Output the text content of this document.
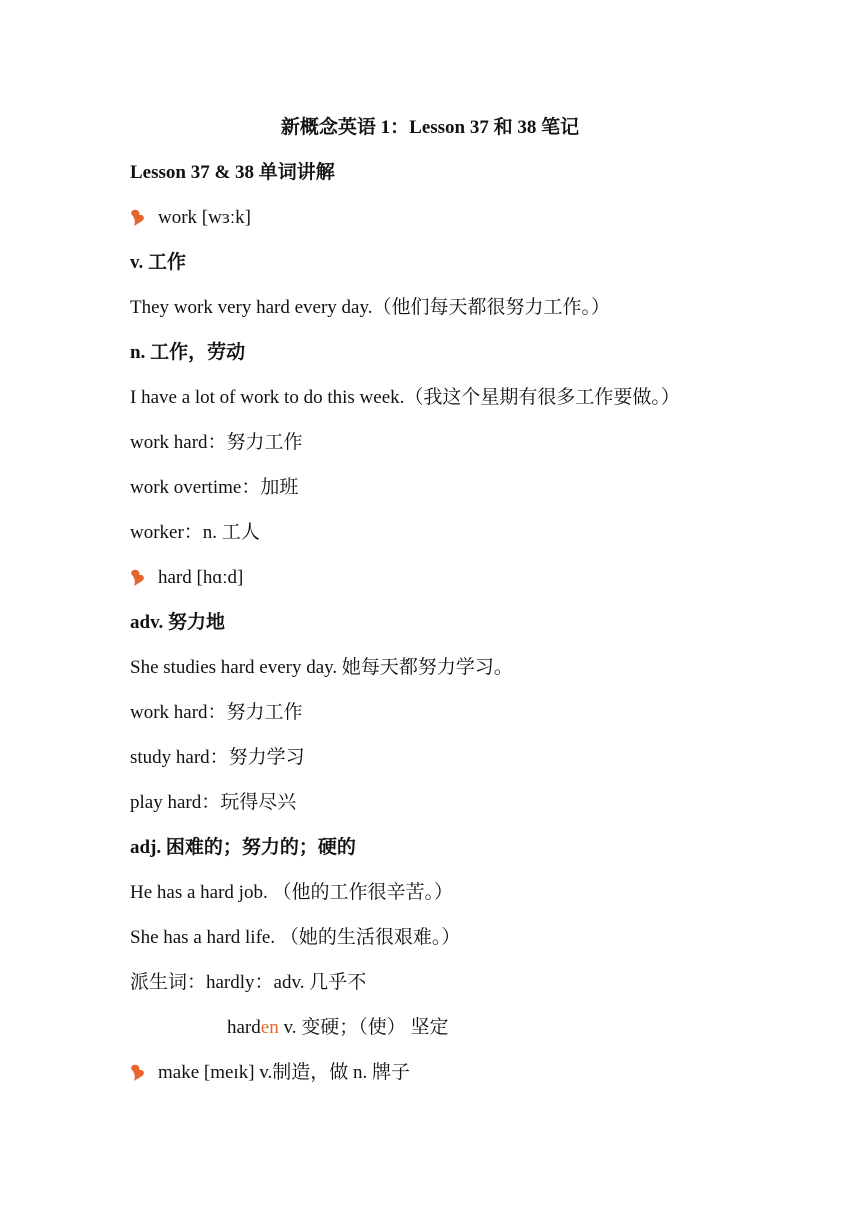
新概念英语 1：Lesson 37 和 38 笔记
Lesson 37 & 38 单词讲解
work [wɜːk]
v. 工作
They work very hard every day.（他们每天都很努力工作。）
n. 工作，劳动
I have a lot of work to do this week.（我这个星期有很多工作要做。）
work hard：努力工作
work overtime：加班
worker：n. 工人
hard [hɑːd]
adv. 努力地
She studies hard every day. 她每天都努力学习。
work hard：努力工作
study hard：努力学习
play hard：玩得尽兴
adj. 困难的；努力的；硬的
He has a hard job. （他的工作很辛苦。）
She has a hard life. （她的生活很艰难。）
派生词：hardly：adv. 几乎不
harden v. 变硬；（使） 坚定
make [meɪk] v.制造，做 n. 牌子
